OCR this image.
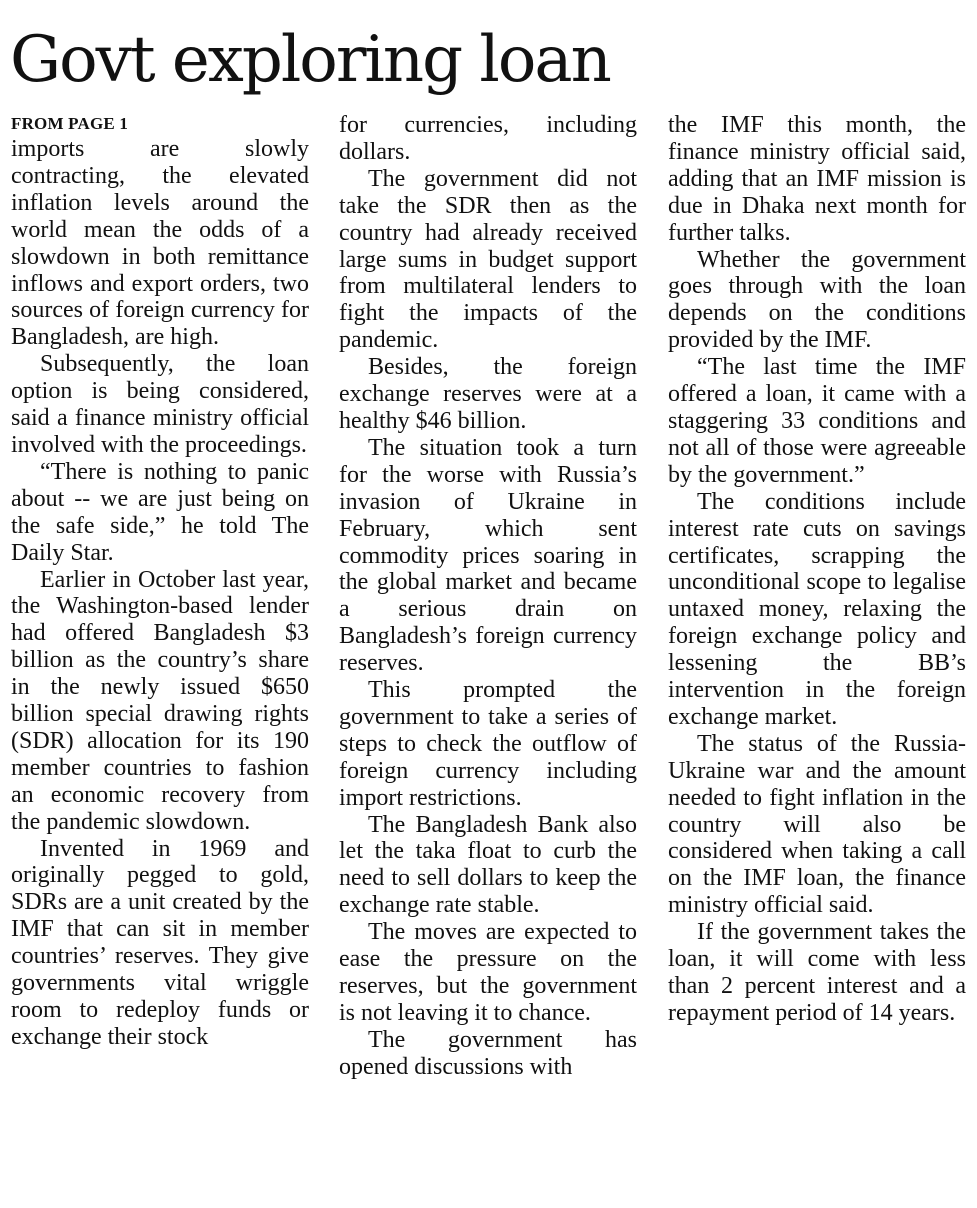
Govt exploring loan
FROM PAGE 1

imports are slowly contracting, the elevated inflation levels around the world mean the odds of a slowdown in both remittance inflows and export orders, two sources of foreign currency for Bangladesh, are high.

Subsequently, the loan option is being considered, said a finance ministry official involved with the proceedings.

“There is nothing to panic about -- we are just being on the safe side,” he told The Daily Star.

Earlier in October last year, the Washington-based lender had offered Bangladesh $3 billion as the country’s share in the newly issued $650 billion special drawing rights (SDR) allocation for its 190 member countries to fashion an economic recovery from the pandemic slowdown.

Invented in 1969 and originally pegged to gold, SDRs are a unit created by the IMF that can sit in member countries’ reserves. They give governments vital wriggle room to redeploy funds or exchange their stock

for currencies, including dollars.

The government did not take the SDR then as the country had already received large sums in budget support from multilateral lenders to fight the impacts of the pandemic.

Besides, the foreign exchange reserves were at a healthy $46 billion.

The situation took a turn for the worse with Russia’s invasion of Ukraine in February, which sent commodity prices soaring in the global market and became a serious drain on Bangladesh’s foreign currency reserves.

This prompted the government to take a series of steps to check the outflow of foreign currency including import restrictions.

The Bangladesh Bank also let the taka float to curb the need to sell dollars to keep the exchange rate stable.

The moves are expected to ease the pressure on the reserves, but the government is not leaving it to chance.

The government has opened discussions with

the IMF this month, the finance ministry official said, adding that an IMF mission is due in Dhaka next month for further talks.

Whether the government goes through with the loan depends on the conditions provided by the IMF.

“The last time the IMF offered a loan, it came with a staggering 33 conditions and not all of those were agreeable by the government.”

The conditions include interest rate cuts on savings certificates, scrapping the unconditional scope to legalise untaxed money, relaxing the foreign exchange policy and lessening the BB’s intervention in the foreign exchange market.

The status of the Russia-Ukraine war and the amount needed to fight inflation in the country will also be considered when taking a call on the IMF loan, the finance ministry official said.

If the government takes the loan, it will come with less than 2 percent interest and a repayment period of 14 years.
